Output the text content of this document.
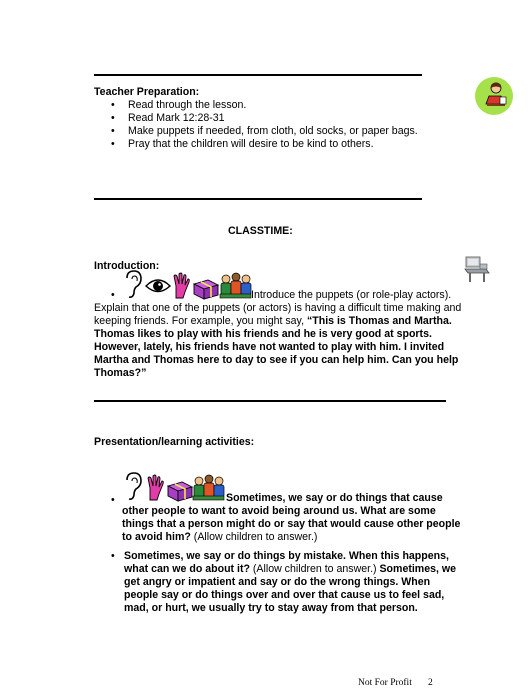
Teacher Preparation:
• Read through the lesson.
• Read Mark 12:28-31
• Make puppets if needed, from cloth, old socks, or paper bags.
• Pray that the children will desire to be kind to others.
CLASSTIME:
Introduction:
•	Introduce the puppets (or role-play actors).
Explain that one of the puppets (or actors) is having a difficult time making and keeping friends. For example, you might say, “This is Thomas and Martha. Thomas likes to play with his friends and he is very good at sports. However, lately, his friends have not wanted to play with him. I invited Martha and Thomas here to day to see if you can help him. Can you help Thomas?”
Presentation/learning activities:
•	Sometimes, we say or do things that cause other people to want to avoid being around us. What are some things that a person might do or say that would cause other people to avoid him? (Allow children to answer.)
• Sometimes, we say or do things by mistake. When this happens, what can we do about it? (Allow children to answer.) Sometimes, we get angry or impatient and say or do the wrong things. When people say or do things over and over that cause us to feel sad, mad, or hurt, we usually try to stay away from that person.
Not For Profit 2
